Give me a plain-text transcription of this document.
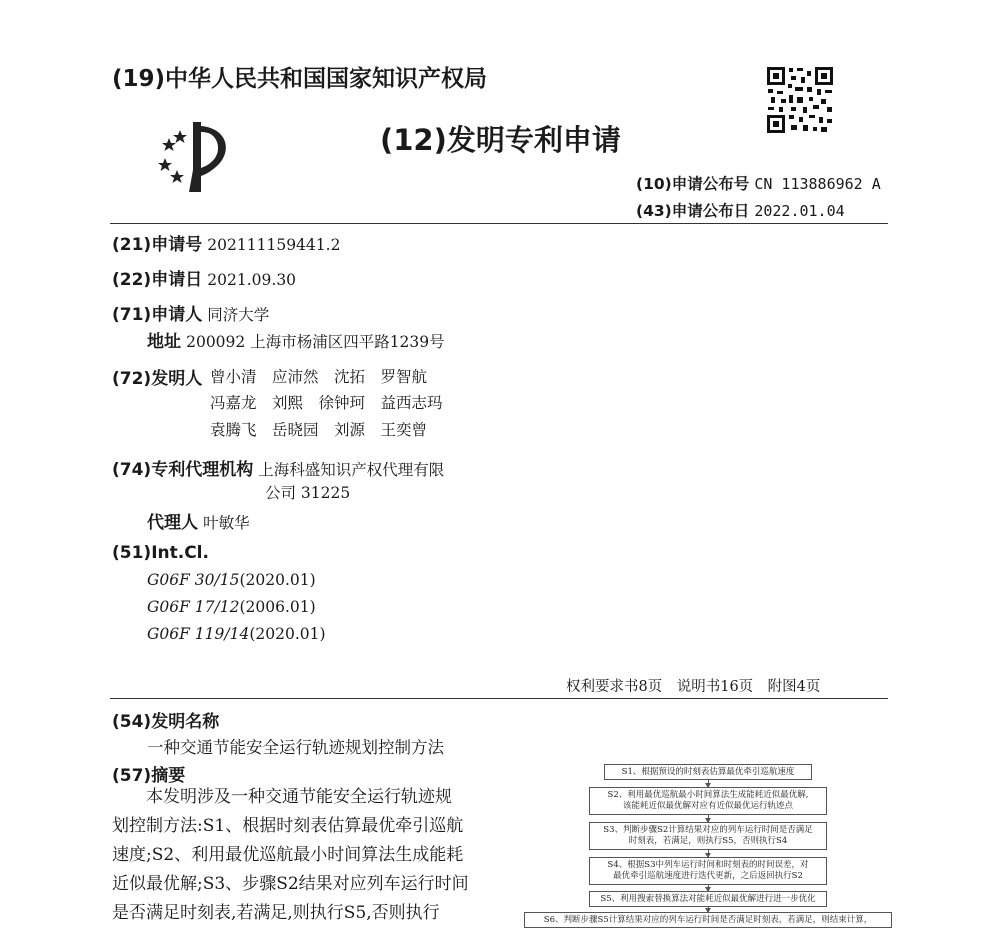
(19)中华人民共和国国家知识产权局
(12)发明专利申请
(10)申请公布号 CN 113886962 A
(43)申请公布日 2022.01.04
(21)申请号 202111159441.2
(22)申请日 2021.09.30
(71)申请人 同济大学
地址 200092 上海市杨浦区四平路1239号
(72)发明人 曾小清　应沛然　沈拓　罗智航
冯嘉龙　刘熙　徐钟珂　益西志玛
袁腾飞　岳晓园　刘源　王奕曾
(74)专利代理机构 上海科盛知识产权代理有限
公司 31225
代理人 叶敏华
(51)Int.Cl.
G06F 30/15(2020.01)
G06F 17/12(2006.01)
G06F 119/14(2020.01)
权利要求书8页　说明书16页　附图4页
(54)发明名称
一种交通节能安全运行轨迹规划控制方法
(57)摘要
本发明涉及一种交通节能安全运行轨迹规
划控制方法:S1、根据时刻表估算最优牵引巡航
速度;S2、利用最优巡航最小时间算法生成能耗
近似最优解;S3、步骤S2结果对应列车运行时间
是否满足时刻表,若满足,则执行S5,否则执行
S1、根据预设的时刻表估算最优牵引巡航速度
S2、利用最优巡航最小时间算法生成能耗近似最优解,
该能耗近似最优解对应有近似最优运行轨迹点
S3、判断步骤S2计算结果对应的列车运行时间是否满足
时刻表，若满足，则执行S5，否则执行S4
S4、根据S3中列车运行时间和时刻表的时间误差，对
最优牵引巡航速度进行迭代更新，之后返回执行S2
S5、利用搜索替换算法对能耗近似最优解进行进一步优化
S6、判断步骤S5计算结果对应的列车运行时间是否满足时刻表，若满足，则结束计算，
